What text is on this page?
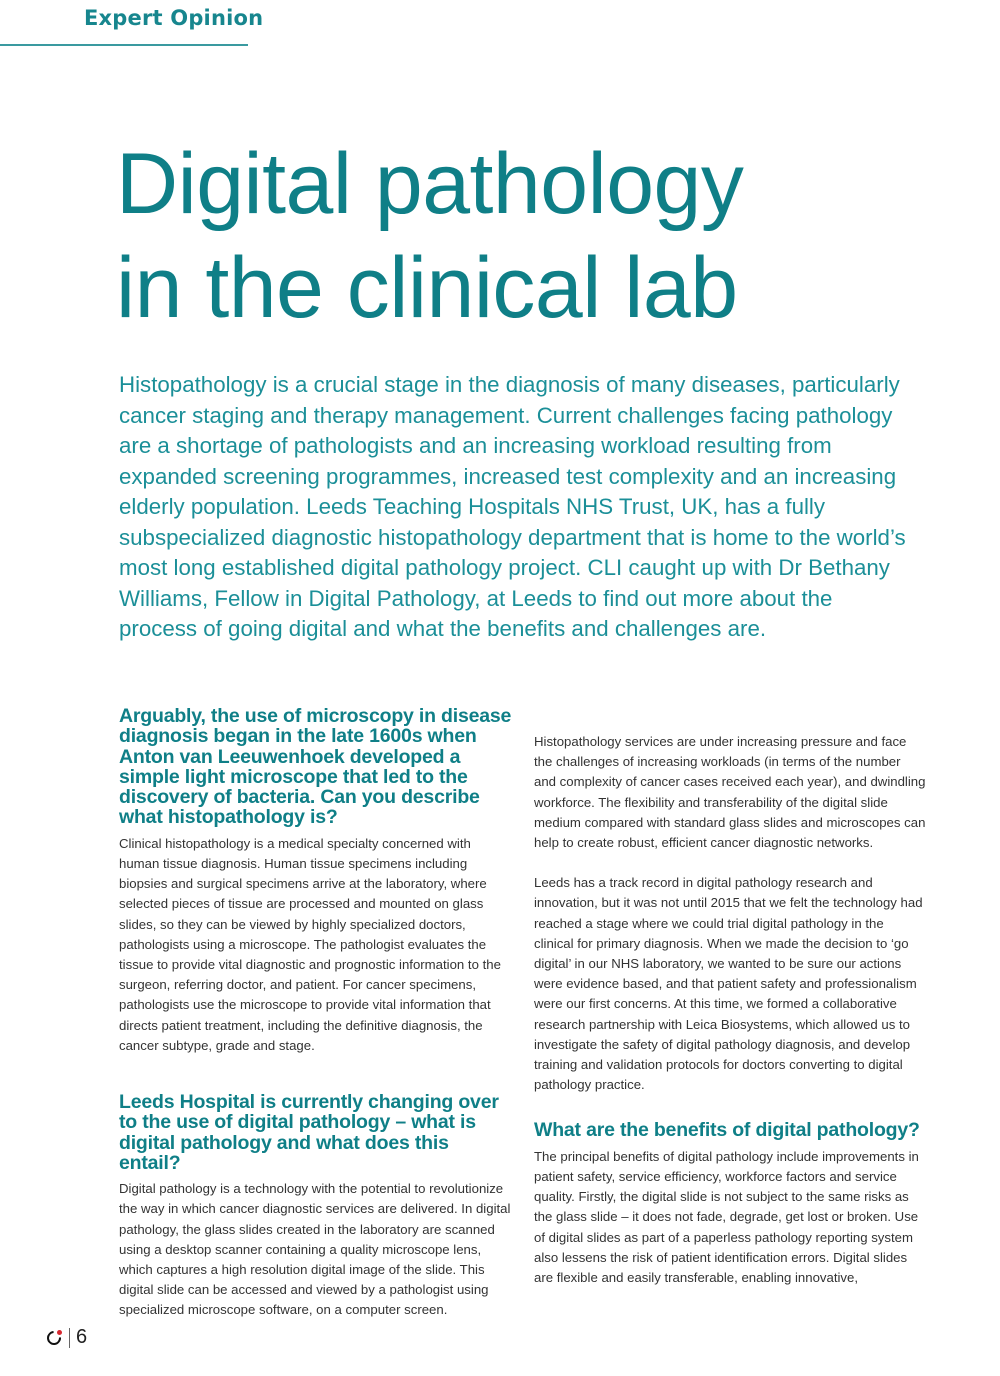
Expert Opinion
Digital pathology
in the clinical lab

Histopathology is a crucial stage in the diagnosis of many diseases, particularly cancer staging and therapy management. Current challenges facing pathology are a shortage of pathologists and an increasing workload resulting from expanded screening programmes, increased test complexity and an increasing elderly population. Leeds Teaching Hospitals NHS Trust, UK, has a fully subspecialized diagnostic histopathology department that is home to the world’s most long established digital pathology project. CLI caught up with Dr Bethany Williams, Fellow in Digital Pathology, at Leeds to find out more about the process of going digital and what the benefits and challenges are.

Arguably, the use of microscopy in disease diagnosis began in the late 1600s when Anton van Leeuwenhoek developed a simple light microscope that led to the discovery of bacteria. Can you describe what histopathology is?

Clinical histopathology is a medical specialty concerned with human tissue diagnosis. Human tissue specimens including biopsies and surgical specimens arrive at the laboratory, where selected pieces of tissue are processed and mounted on glass slides, so they can be viewed by highly specialized doctors, pathologists using a microscope. The pathologist evaluates the tissue to provide vital diagnostic and prognostic information to the surgeon, referring doctor, and patient. For cancer specimens, pathologists use the microscope to provide vital information that directs patient treatment, including the definitive diagnosis, the cancer subtype, grade and stage.

Leeds Hospital is currently changing over to the use of digital pathology – what is digital pathology and what does this entail?

Digital pathology is a technology with the potential to revolutionize the way in which cancer diagnostic services are delivered. In digital pathology, the glass slides created in the laboratory are scanned using a desktop scanner containing a quality microscope lens, which captures a high resolution digital image of the slide. This digital slide can be accessed and viewed by a pathologist using specialized microscope software, on a computer screen.

Histopathology services are under increasing pressure and face the challenges of increasing workloads (in terms of the number and complexity of cancer cases received each year), and dwindling workforce. The flexibility and transferability of the digital slide medium compared with standard glass slides and microscopes can help to create robust, efficient cancer diagnostic networks.

Leeds has a track record in digital pathology research and innovation, but it was not until 2015 that we felt the technology had reached a stage where we could trial digital pathology in the clinical for primary diagnosis. When we made the decision to ‘go digital’ in our NHS laboratory, we wanted to be sure our actions were evidence based, and that patient safety and professionalism were our first concerns. At this time, we formed a collaborative research partnership with Leica Biosystems, which allowed us to investigate the safety of digital pathology diagnosis, and develop training and validation protocols for doctors converting to digital pathology practice.

What are the benefits of digital pathology?

The principal benefits of digital pathology include improvements in patient safety, service efficiency, workforce factors and service quality. Firstly, the digital slide is not subject to the same risks as the glass slide – it does not fade, degrade, get lost or broken. Use of digital slides as part of a paperless pathology reporting system also lessens the risk of patient identification errors. Digital slides are flexible and easily transferable, enabling innovative,

6
